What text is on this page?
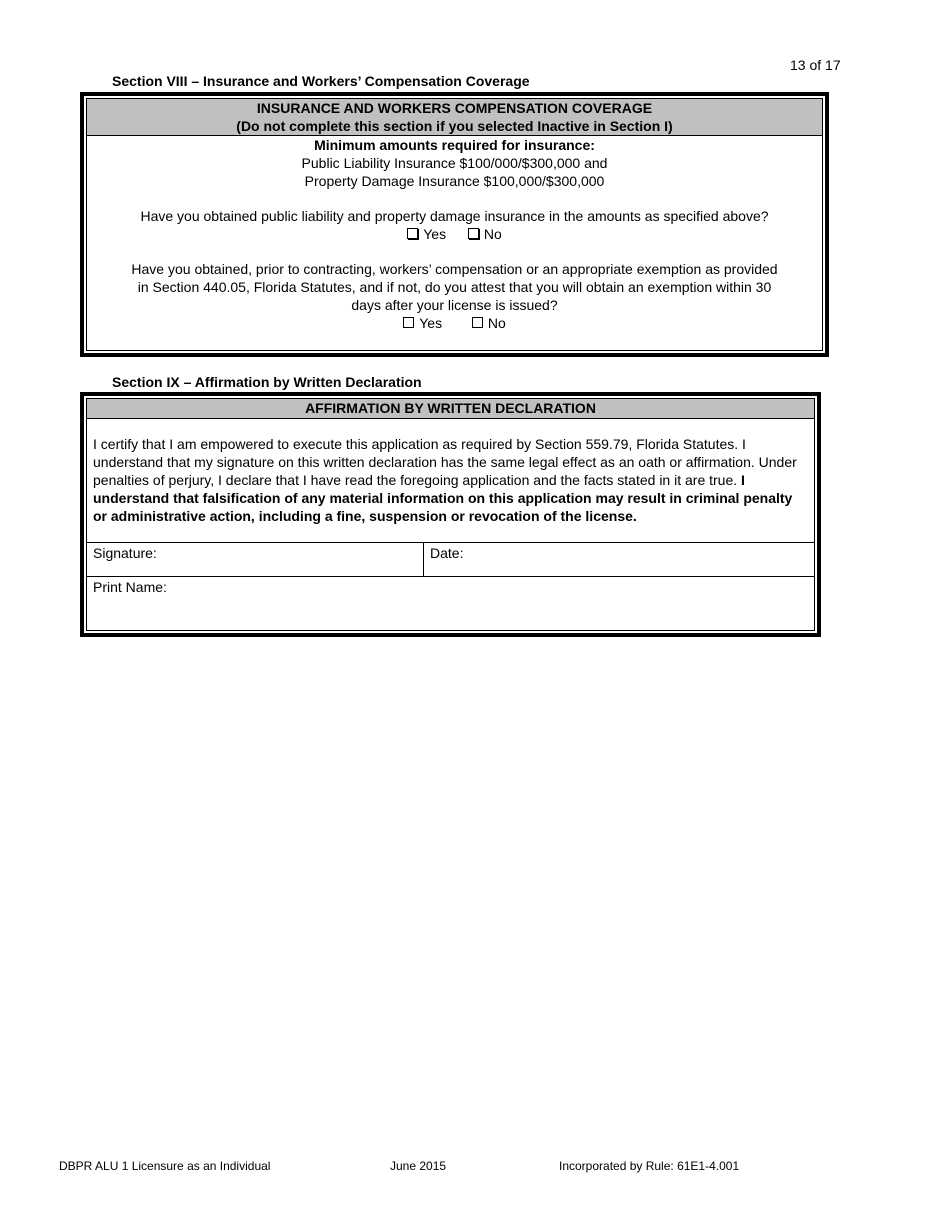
13 of 17
Section VIII – Insurance and Workers’ Compensation Coverage
INSURANCE AND WORKERS COMPENSATION COVERAGE
(Do not complete this section if you selected Inactive in Section I)
Minimum amounts required for insurance:
Public Liability Insurance $100/000/$300,000 and
Property Damage Insurance $100,000/$300,000
Have you obtained public liability and property damage insurance in the amounts as specified above?
Yes	No
Have you obtained, prior to contracting, workers’ compensation or an appropriate exemption as provided
in Section 440.05, Florida Statutes, and if not, do you attest that you will obtain an exemption within 30
days after your license is issued?
Yes	No
Section IX – Affirmation by Written Declaration
AFFIRMATION BY WRITTEN DECLARATION
I certify that I am empowered to execute this application as required by Section 559.79, Florida Statutes. I understand that my signature on this written declaration has the same legal effect as an oath or affirmation. Under penalties of perjury, I declare that I have read the foregoing application and the facts stated in it are true. I understand that falsification of any material information on this application may result in criminal penalty or administrative action, including a fine, suspension or revocation of the license.
Signature:	Date:
Print Name:
DBPR ALU 1 Licensure as an Individual	June 2015	Incorporated by Rule: 61E1-4.001
